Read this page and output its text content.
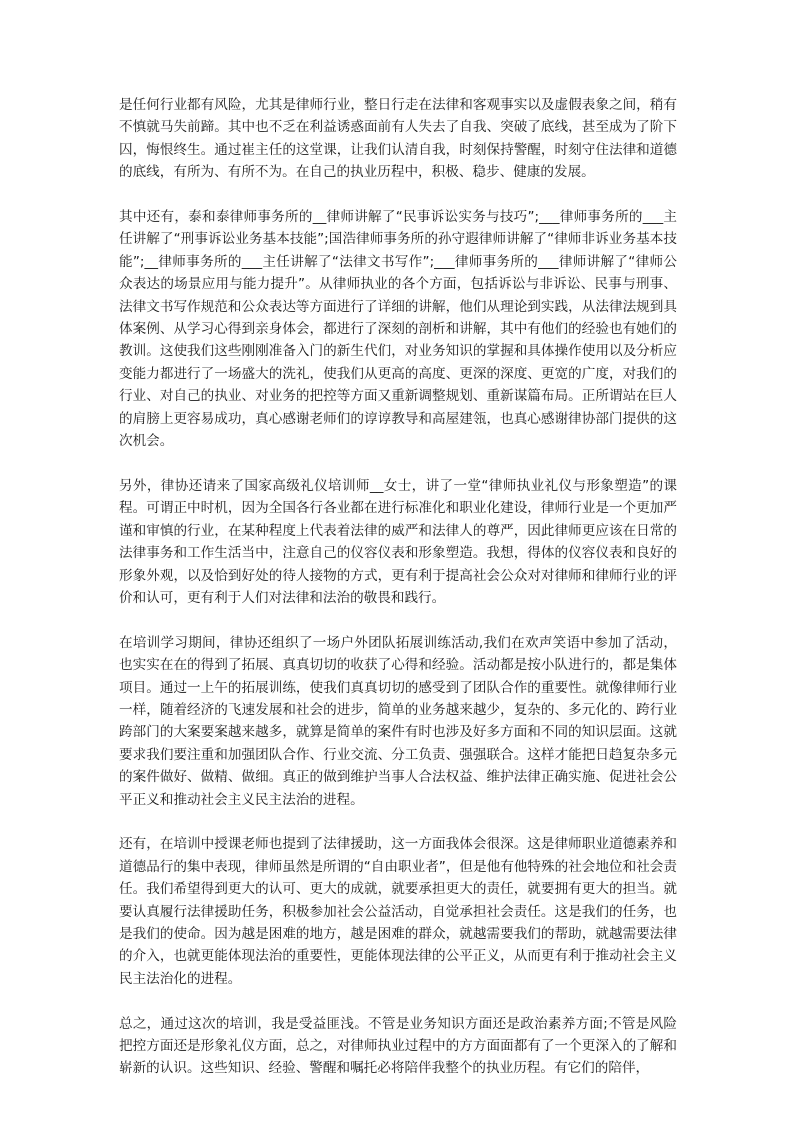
是任何行业都有风险，尤其是律师行业，整日行走在法律和客观事实以及虚假表象之间，稍有不慎就马失前蹄。其中也不乏在利益诱惑面前有人失去了自我、突破了底线，甚至成为了阶下囚，悔恨终生。通过崔主任的这堂课，让我们认清自我，时刻保持警醒，时刻守住法律和道德的底线，有所为、有所不为。在自己的执业历程中，积极、稳步、健康的发展。

其中还有，泰和泰律师事务所的__律师讲解了“民事诉讼实务与技巧”;___律师事务所的___主任讲解了“刑事诉讼业务基本技能”;国浩律师事务所的孙守遐律师讲解了“律师非诉业务基本技能”;__律师事务所的___主任讲解了“法律文书写作”;___律师事务所的___律师讲解了“律师公众表达的场景应用与能力提升”。从律师执业的各个方面，包括诉讼与非诉讼、民事与刑事、法律文书写作规范和公众表达等方面进行了详细的讲解，他们从理论到实践，从法律法规到具体案例、从学习心得到亲身体会，都进行了深刻的剖析和讲解，其中有他们的经验也有她们的教训。这使我们这些刚刚准备入门的新生代们，对业务知识的掌握和具体操作使用以及分析应变能力都进行了一场盛大的洗礼，使我们从更高的高度、更深的深度、更宽的广度，对我们的行业、对自己的执业、对业务的把控等方面又重新调整规划、重新谋篇布局。正所谓站在巨人的肩膀上更容易成功，真心感谢老师们的谆谆教导和高屋建瓴，也真心感谢律协部门提供的这次机会。

另外，律协还请来了国家高级礼仪培训师__女士，讲了一堂“律师执业礼仪与形象塑造”的课程。可谓正中时机，因为全国各行各业都在进行标准化和职业化建设，律师行业是一个更加严谨和审慎的行业，在某种程度上代表着法律的威严和法律人的尊严，因此律师更应该在日常的法律事务和工作生活当中，注意自己的仪容仪表和形象塑造。我想，得体的仪容仪表和良好的形象外观，以及恰到好处的待人接物的方式，更有利于提高社会公众对对律师和律师行业的评价和认可，更有利于人们对法律和法治的敬畏和践行。

在培训学习期间，律协还组织了一场户外团队拓展训练活动,我们在欢声笑语中参加了活动，也实实在在的得到了拓展、真真切切的收获了心得和经验。活动都是按小队进行的，都是集体项目。通过一上午的拓展训练，使我们真真切切的感受到了团队合作的重要性。就像律师行业一样，随着经济的飞速发展和社会的进步，简单的业务越来越少，复杂的、多元化的、跨行业跨部门的大案要案越来越多，就算是简单的案件有时也涉及好多方面和不同的知识层面。这就要求我们要注重和加强团队合作、行业交流、分工负责、强强联合。这样才能把日趋复杂多元的案件做好、做精、做细。真正的做到维护当事人合法权益、维护法律正确实施、促进社会公平正义和推动社会主义民主法治的进程。

还有，在培训中授课老师也提到了法律援助，这一方面我体会很深。这是律师职业道德素养和道德品行的集中表现，律师虽然是所谓的“自由职业者”，但是他有他特殊的社会地位和社会责任。我们希望得到更大的认可、更大的成就，就要承担更大的责任，就要拥有更大的担当。就要认真履行法律援助任务，积极参加社会公益活动，自觉承担社会责任。这是我们的任务，也是我们的使命。因为越是困难的地方，越是困难的群众，就越需要我们的帮助，就越需要法律的介入，也就更能体现法治的重要性，更能体现法律的公平正义，从而更有利于推动社会主义民主法治化的进程。

总之，通过这次的培训，我是受益匪浅。不管是业务知识方面还是政治素养方面;不管是风险把控方面还是形象礼仪方面，总之，对律师执业过程中的方方面面都有了一个更深入的了解和崭新的认识。这些知识、经验、警醒和嘱托必将陪伴我整个的执业历程。有它们的陪伴，
